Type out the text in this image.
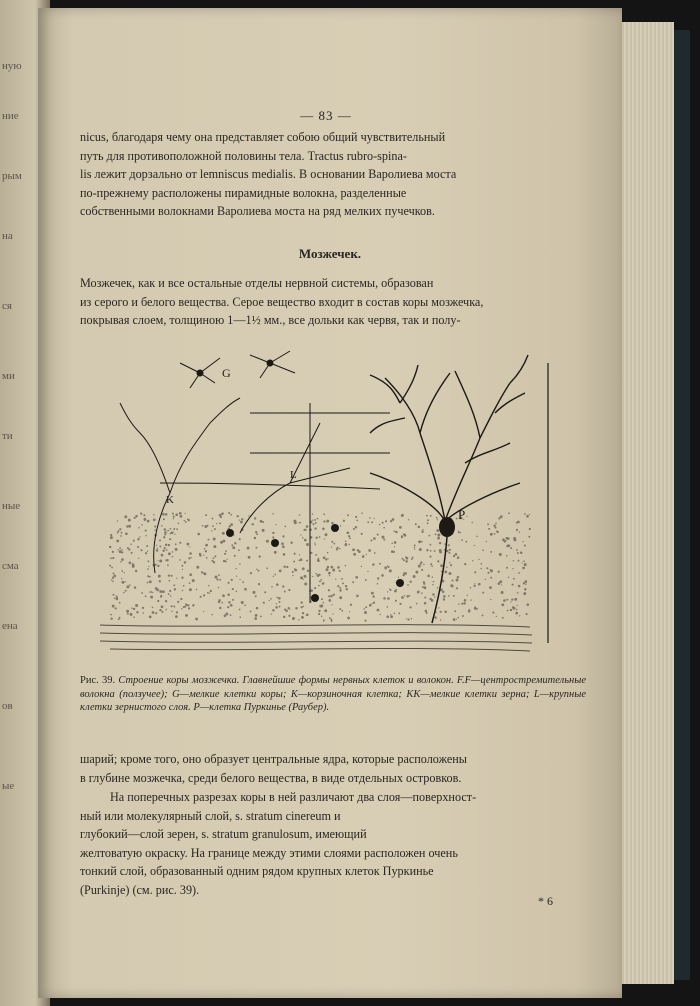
ную
ние
рым
на
ся
ми
ти
ные
сма
ена
ов
ые
— 83 —

nicus, благодаря чему она представляет собою общий чувствительный
путь для противоположной половины тела. Tractus rubro-spina-
lis лежит дорзально от lemniscus medialis. В основании Варолиева моста
по-прежнему расположены пирамидные волокна, разделенные
собственными волокнами Варолиева моста на ряд мелких пучечков.

Мозжечек.

Мозжечек, как и все остальные отделы нервной системы, образован
из серого и белого вещества. Серое вещество входит в состав коры мозжечка,
покрывая слоем, толщиною 1—1½ мм., все дольки как червя, так и полу-

G
K
L
P
Рис. 39. Строение коры мозжечка. Главнейшие формы нервных клеток и волокон. F.F—центростремительные волокна (ползучее); G—мелкие клетки коры; K—корзиночная клетка; KK—мелкие клетки зерна; L—крупные клетки зернистого слоя. P—клетка Пуркинье (Раубер).

шарий; кроме того, оно образует центральные ядра, которые расположены
в глубине мозжечка, среди белого вещества, в виде отдельных островков.

На поперечных разрезах коры в ней различают два слоя—поверхност-
ный или молекулярный слой, s. stratum cinereum и
глубокий—слой зерен, s. stratum granulosum, имеющий
желтоватую окраску. На границе между этими слоями расположен очень
тонкий слой, образованный одним рядом крупных клеток Пуркинье
(Purkinje) (см. рис. 39).

* 6
